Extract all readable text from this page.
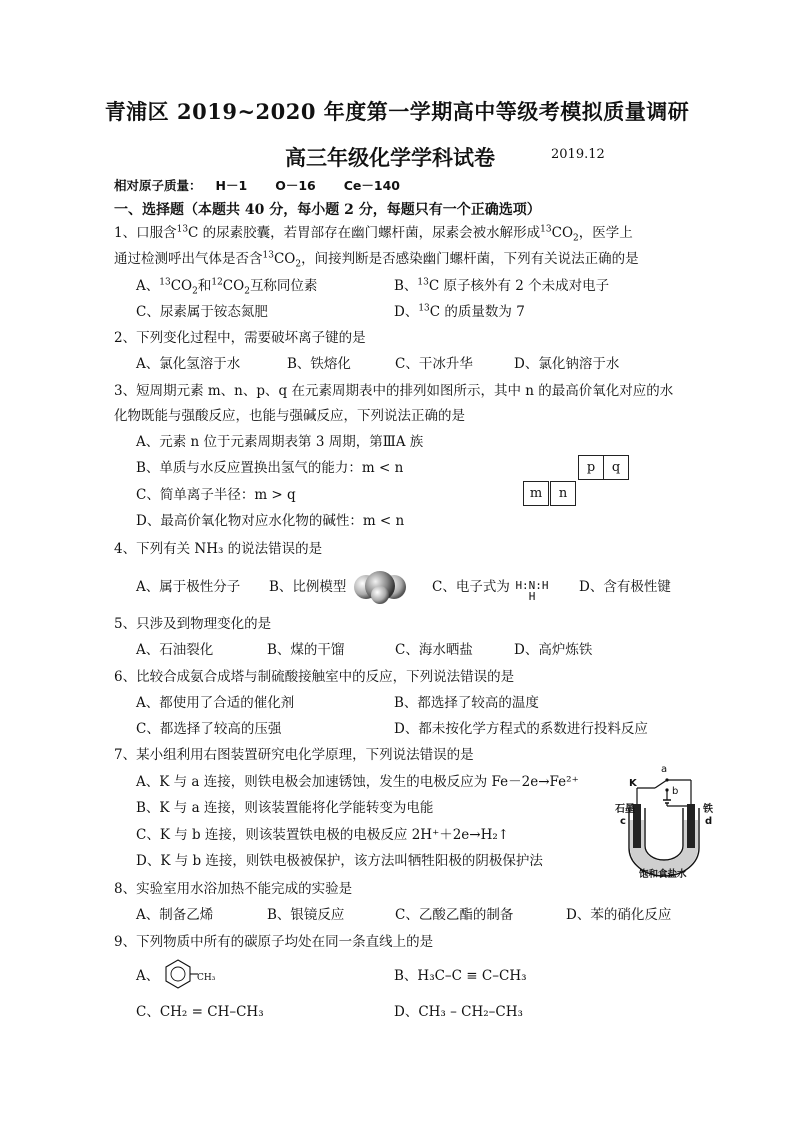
青浦区 2019~2020 年度第一学期高中等级考模拟质量调研
高三年级化学学科试卷	2019.12
相对原子质量： H－1 O－16 Ce－140
一、选择题（本题共 40 分，每小题 2 分，每题只有一个正确选项）
1、口服含$^{13}$C 的尿素胶囊，若胃部存在幽门螺杆菌，尿素会被水解形成$^{13}CO_2$，医学上
通过检测呼出气体是否含$^{13}CO_2$，间接判断是否感染幽门螺杆菌，下列有关说法正确的是
A、$^{13}CO_2$和$^{12}CO_2$互称同位素	B、$^{13}$C 原子核外有 2 个未成对电子
C、尿素属于铵态氮肥	D、$^{13}$C 的质量数为 7
2、下列变化过程中，需要破坏离子键的是
A、氯化氢溶于水	B、铁熔化	C、干冰升华	D、氯化钠溶于水
3、短周期元素 m、n、p、q 在元素周期表中的排列如图所示，其中 n 的最高价氧化对应的水
化物既能与强酸反应，也能与强碱反应，下列说法正确的是
A、元素 n 位于元素周期表第 3 周期，第ⅢA 族
B、单质与水反应置换出氢气的能力：m < n
C、简单离子半径：m > q
D、最高价氧化物对应水化物的碱性：m < n
p	q
m	n
4、下列有关 NH₃ 的说法错误的是
A、属于极性分子 B、比例模型	C、电子式为 H:N:H
H
D、含有极性键
5、只涉及到物理变化的是
A、石油裂化	B、煤的干馏	C、海水晒盐	D、高炉炼铁
6、比较合成氨合成塔与制硫酸接触室中的反应，下列说法错误的是
A、都使用了合适的催化剂	B、都选择了较高的温度
C、都选择了较高的压强	D、都未按化学方程式的系数进行投料反应
7、某小组利用右图装置研究电化学原理，下列说法错误的是
A、K 与 a 连接，则铁电极会加速锈蚀，发生的电极反应为 Fe－2e→Fe²⁺
B、K 与 a 连接，则该装置能将化学能转变为电能
C、K 与 b 连接，则该装置铁电极的电极反应 2H⁺＋2e→H₂↑
D、K 与 b 连接，则铁电极被保护，该方法叫牺牲阳极的阴极保护法
K
a
b
石墨	铁
c	d
饱和食盐水
8、实验室用水浴加热不能完成的实验是
A、制备乙烯	B、银镜反应	C、乙酸乙酯的制备	D、苯的硝化反应
9、下列物质中所有的碳原子均处在同一条直线上的是
A、	CH₃	B、H₃C–C ≡ C–CH₃
C、CH₂ = CH–CH₃	D、CH₃ – CH₂–CH₃
